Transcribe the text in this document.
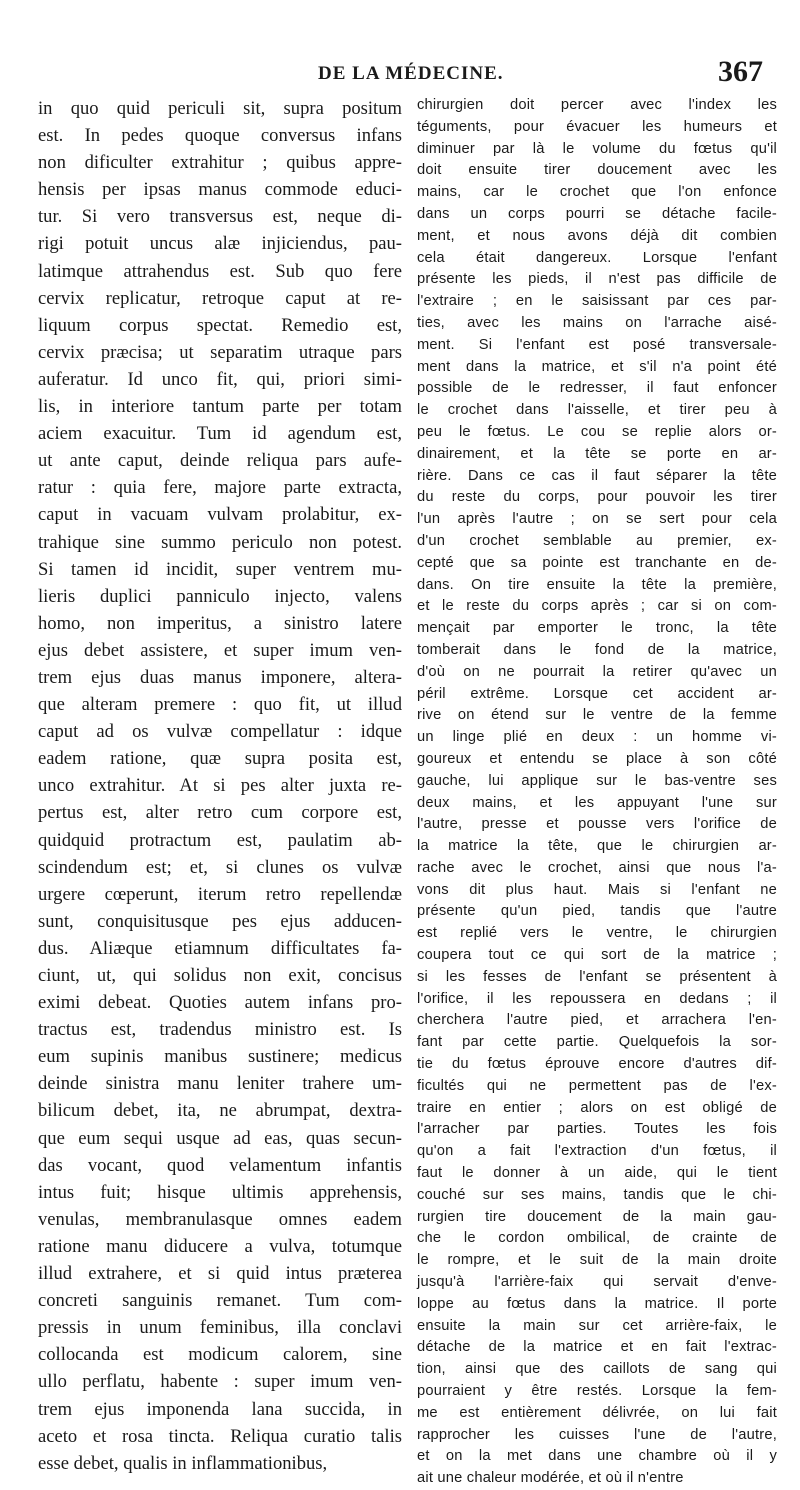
DE LA MÉDECINE.	367
in quo quid periculi sit, supra positum
est. In pedes quoque conversus infans
non dificulter extrahitur ; quibus appre-
hensis per ipsas manus commode educi-
tur. Si vero transversus est, neque di-
rigi potuit uncus alæ injiciendus, pau-
latimque attrahendus est. Sub quo fere
cervix replicatur, retroque caput at re-
liquum corpus spectat. Remedio est,
cervix præcisa; ut separatim utraque pars
auferatur. Id unco fit, qui, priori simi-
lis, in interiore tantum parte per totam
aciem exacuitur. Tum id agendum est,
ut ante caput, deinde reliqua pars aufe-
ratur : quia fere, majore parte extracta,
caput in vacuam vulvam prolabitur, ex-
trahique sine summo periculo non potest.
Si tamen id incidit, super ventrem mu-
lieris duplici panniculo injecto, valens
homo, non imperitus, a sinistro latere
ejus debet assistere, et super imum ven-
trem ejus duas manus imponere, altera-
que alteram premere : quo fit, ut illud
caput ad os vulvæ compellatur : idque
eadem ratione, quæ supra posita est,
unco extrahitur. At si pes alter juxta re-
pertus est, alter retro cum corpore est,
quidquid protractum est, paulatim ab-
scindendum est; et, si clunes os vulvæ
urgere cœperunt, iterum retro repellendæ
sunt, conquisitusque pes ejus adducen-
dus. Aliæque etiamnum difficultates fa-
ciunt, ut, qui solidus non exit, concisus
eximi debeat. Quoties autem infans pro-
tractus est, tradendus ministro est. Is
eum supinis manibus sustinere; medicus
deinde sinistra manu leniter trahere um-
bilicum debet, ita, ne abrumpat, dextra-
que eum sequi usque ad eas, quas secun-
das vocant, quod velamentum infantis
intus fuit; hisque ultimis apprehensis,
venulas, membranulasque omnes eadem
ratione manu diducere a vulva, totumque
illud extrahere, et si quid intus præterea
concreti sanguinis remanet. Tum com-
pressis in unum feminibus, illa conclavi
collocanda est modicum calorem, sine
ullo perflatu, habente : super imum ven-
trem ejus imponenda lana succida, in
aceto et rosa tincta. Reliqua curatio talis
esse debet, qualis in inflammationibus,
chirurgien doit percer avec l'index les
téguments, pour évacuer les humeurs et
diminuer par là le volume du fœtus qu'il
doit ensuite tirer doucement avec les
mains, car le crochet que l'on enfonce
dans un corps pourri se détache facile-
ment, et nous avons déjà dit combien
cela était dangereux. Lorsque l'enfant
présente les pieds, il n'est pas difficile de
l'extraire ; en le saisissant par ces par-
ties, avec les mains on l'arrache aisé-
ment. Si l'enfant est posé transversale-
ment dans la matrice, et s'il n'a point été
possible de le redresser, il faut enfoncer
le crochet dans l'aisselle, et tirer peu à
peu le fœtus. Le cou se replie alors or-
dinairement, et la tête se porte en ar-
rière. Dans ce cas il faut séparer la tête
du reste du corps, pour pouvoir les tirer
l'un après l'autre ; on se sert pour cela
d'un crochet semblable au premier, ex-
cepté que sa pointe est tranchante en de-
dans. On tire ensuite la tête la première,
et le reste du corps après ; car si on com-
mençait par emporter le tronc, la tête
tomberait dans le fond de la matrice,
d'où on ne pourrait la retirer qu'avec un
péril extrême. Lorsque cet accident ar-
rive on étend sur le ventre de la femme
un linge plié en deux : un homme vi-
goureux et entendu se place à son côté
gauche, lui applique sur le bas-ventre ses
deux mains, et les appuyant l'une sur
l'autre, presse et pousse vers l'orifice de
la matrice la tête, que le chirurgien ar-
rache avec le crochet, ainsi que nous l'a-
vons dit plus haut. Mais si l'enfant ne
présente qu'un pied, tandis que l'autre
est replié vers le ventre, le chirurgien
coupera tout ce qui sort de la matrice ;
si les fesses de l'enfant se présentent à
l'orifice, il les repoussera en dedans ; il
cherchera l'autre pied, et arrachera l'en-
fant par cette partie. Quelquefois la sor-
tie du fœtus éprouve encore d'autres dif-
ficultés qui ne permettent pas de l'ex-
traire en entier ; alors on est obligé de
l'arracher par parties. Toutes les fois
qu'on a fait l'extraction d'un fœtus, il
faut le donner à un aide, qui le tient
couché sur ses mains, tandis que le chi-
rurgien tire doucement de la main gau-
che le cordon ombilical, de crainte de
le rompre, et le suit de la main droite
jusqu'à l'arrière-faix qui servait d'enve-
loppe au fœtus dans la matrice. Il porte
ensuite la main sur cet arrière-faix, le
détache de la matrice et en fait l'extrac-
tion, ainsi que des caillots de sang qui
pourraient y être restés. Lorsque la fem-
me est entièrement délivrée, on lui fait
rapprocher les cuisses l'une de l'autre,
et on la met dans une chambre où il y
ait une chaleur modérée, et où il n'entre
